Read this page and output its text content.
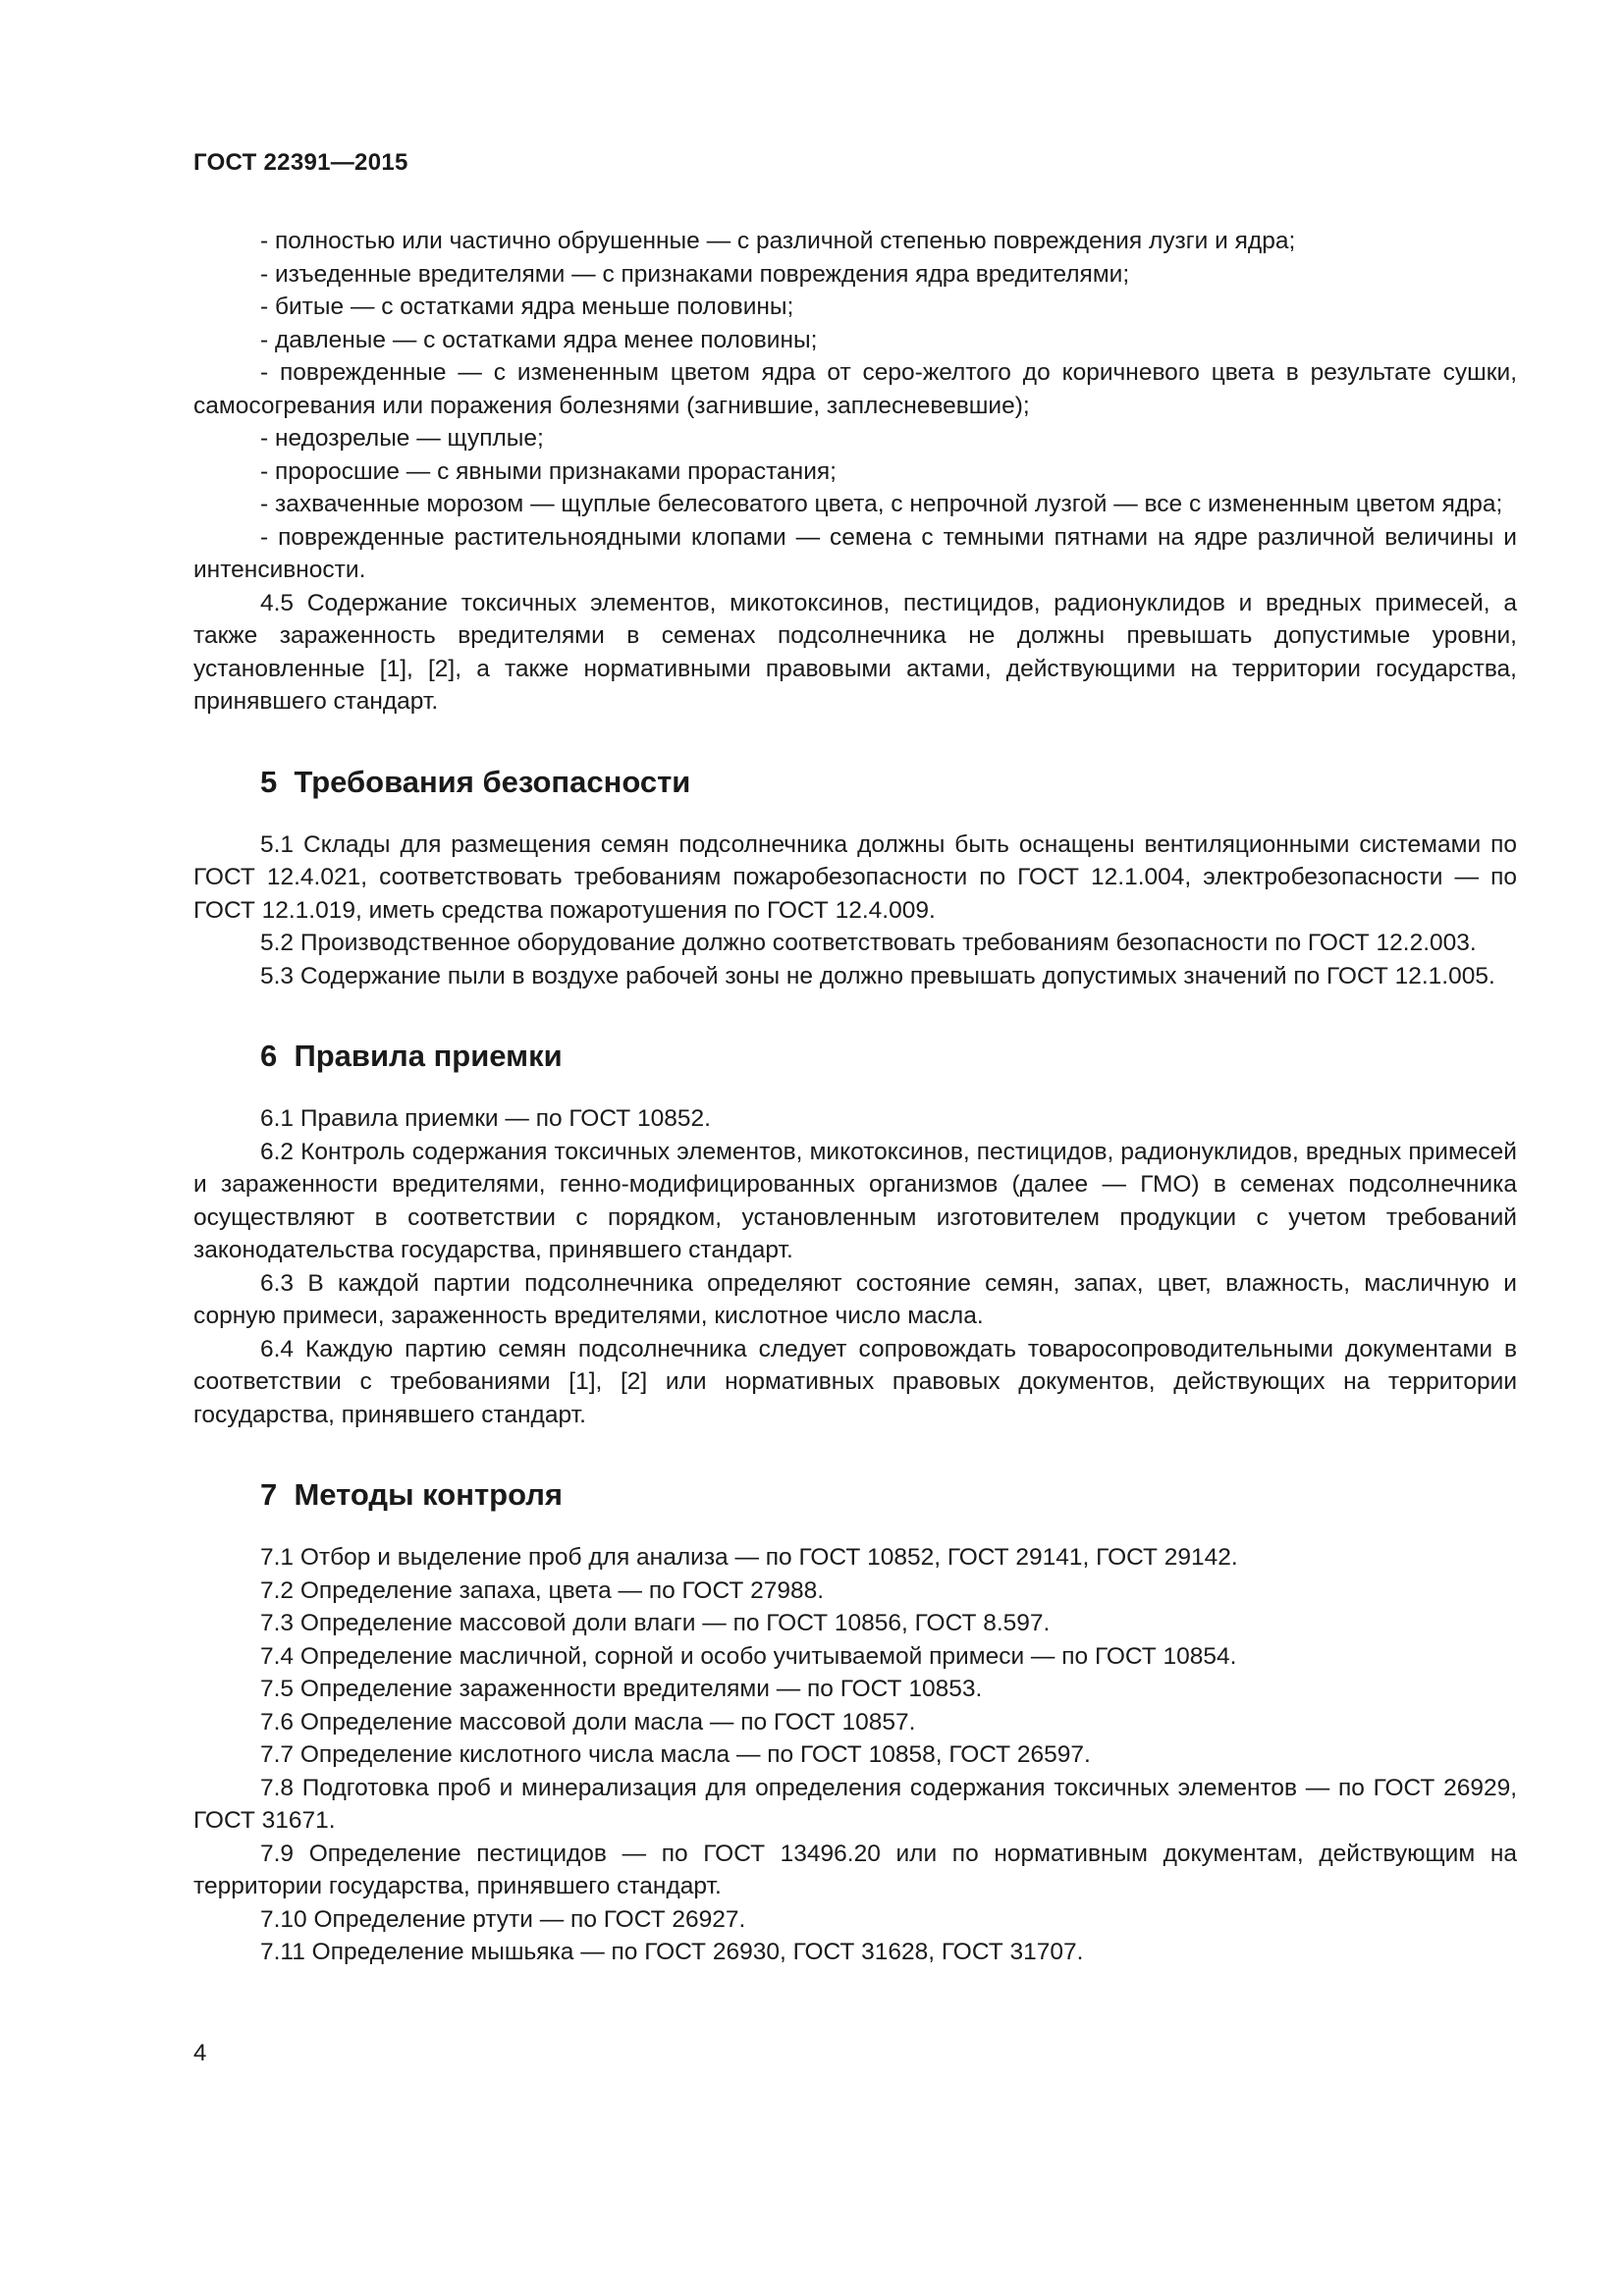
ГОСТ 22391—2015

- полностью или частично обрушенные — с различной степенью повреждения лузги и ядра;

- изъеденные вредителями — с признаками повреждения ядра вредителями;

- битые — с остатками ядра меньше половины;

- давленые — с остатками ядра менее половины;

- поврежденные — с измененным цветом ядра от серо-желтого до коричневого цвета в результате сушки, самосогревания или поражения болезнями (загнившие, заплесневевшие);

- недозрелые — щуплые;

- проросшие — с явными признаками прорастания;

- захваченные морозом — щуплые белесоватого цвета, с непрочной лузгой — все с измененным цветом ядра;

- поврежденные растительноядными клопами — семена с темными пятнами на ядре различной величины и интенсивности.

4.5 Содержание токсичных элементов, микотоксинов, пестицидов, радионуклидов и вредных примесей, а также зараженность вредителями в семенах подсолнечника не должны превышать допустимые уровни, установленные [1], [2], а также нормативными правовыми актами, действующими на территории государства, принявшего стандарт.

5  Требования безопасности

5.1 Склады для размещения семян подсолнечника должны быть оснащены вентиляционными системами по ГОСТ 12.4.021, соответствовать требованиям пожаробезопасности по ГОСТ 12.1.004, электробезопасности — по ГОСТ 12.1.019, иметь средства пожаротушения по ГОСТ 12.4.009.

5.2 Производственное оборудование должно соответствовать требованиям безопасности по ГОСТ 12.2.003.

5.3 Содержание пыли в воздухе рабочей зоны не должно превышать допустимых значений по ГОСТ 12.1.005.

6  Правила приемки

6.1 Правила приемки — по ГОСТ 10852.

6.2 Контроль содержания токсичных элементов, микотоксинов, пестицидов, радионуклидов, вредных примесей и зараженности вредителями, генно-модифицированных организмов (далее — ГМО) в семенах подсолнечника осуществляют в соответствии с порядком, установленным изготовителем продукции с учетом требований законодательства государства, принявшего стандарт.

6.3 В каждой партии подсолнечника определяют состояние семян, запах, цвет, влажность, масличную и сорную примеси, зараженность вредителями, кислотное число масла.

6.4 Каждую партию семян подсолнечника следует сопровождать товаросопроводительными документами в соответствии с требованиями [1], [2] или нормативных правовых документов, действующих на территории государства, принявшего стандарт.

7  Методы контроля

7.1 Отбор и выделение проб для анализа — по ГОСТ 10852, ГОСТ 29141, ГОСТ 29142.

7.2 Определение запаха, цвета — по ГОСТ 27988.

7.3 Определение массовой доли влаги — по ГОСТ 10856, ГОСТ 8.597.

7.4 Определение масличной, сорной и особо учитываемой примеси — по ГОСТ 10854.

7.5 Определение зараженности вредителями — по ГОСТ 10853.

7.6 Определение массовой доли масла — по ГОСТ 10857.

7.7 Определение кислотного числа масла — по ГОСТ 10858, ГОСТ 26597.

7.8 Подготовка проб и минерализация для определения содержания токсичных элементов — по ГОСТ 26929, ГОСТ 31671.

7.9 Определение пестицидов — по ГОСТ 13496.20 или по нормативным документам, действующим на территории государства, принявшего стандарт.

7.10 Определение ртути — по ГОСТ 26927.

7.11 Определение мышьяка — по ГОСТ 26930, ГОСТ 31628, ГОСТ 31707.

4
